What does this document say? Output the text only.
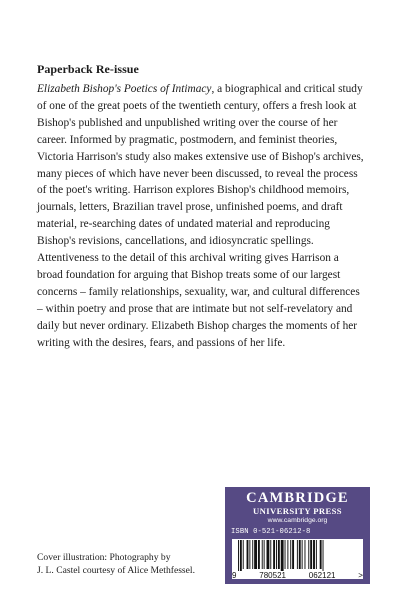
Paperback Re-issue

Elizabeth Bishop's Poetics of Intimacy, a biographical and critical study of one of the great poets of the twentieth century, offers a fresh look at Bishop's published and unpublished writing over the course of her career. Informed by pragmatic, postmodern, and feminist theories, Victoria Harrison's study also makes extensive use of Bishop's archives, many pieces of which have never been discussed, to reveal the process of the poet's writing. Harrison explores Bishop's childhood memoirs, journals, letters, Brazilian travel prose, unfinished poems, and draft material, re-searching dates of undated material and reproducing Bishop's revisions, cancellations, and idiosyncratic spellings. Attentiveness to the detail of this archival writing gives Harrison a broad foundation for arguing that Bishop treats some of our largest concerns – family relationships, sexuality, war, and cultural differences – within poetry and prose that are intimate but not self-revelatory and daily but never ordinary. Elizabeth Bishop charges the moments of her writing with the desires, fears, and passions of her life.

CAMBRIDGE
UNIVERSITY PRESS
www.cambridge.org
ISBN 0-521-06212-8
9	780521	062121	>
Cover illustration: Photography by
J. L. Castel courtesy of Alice Methfessel.
